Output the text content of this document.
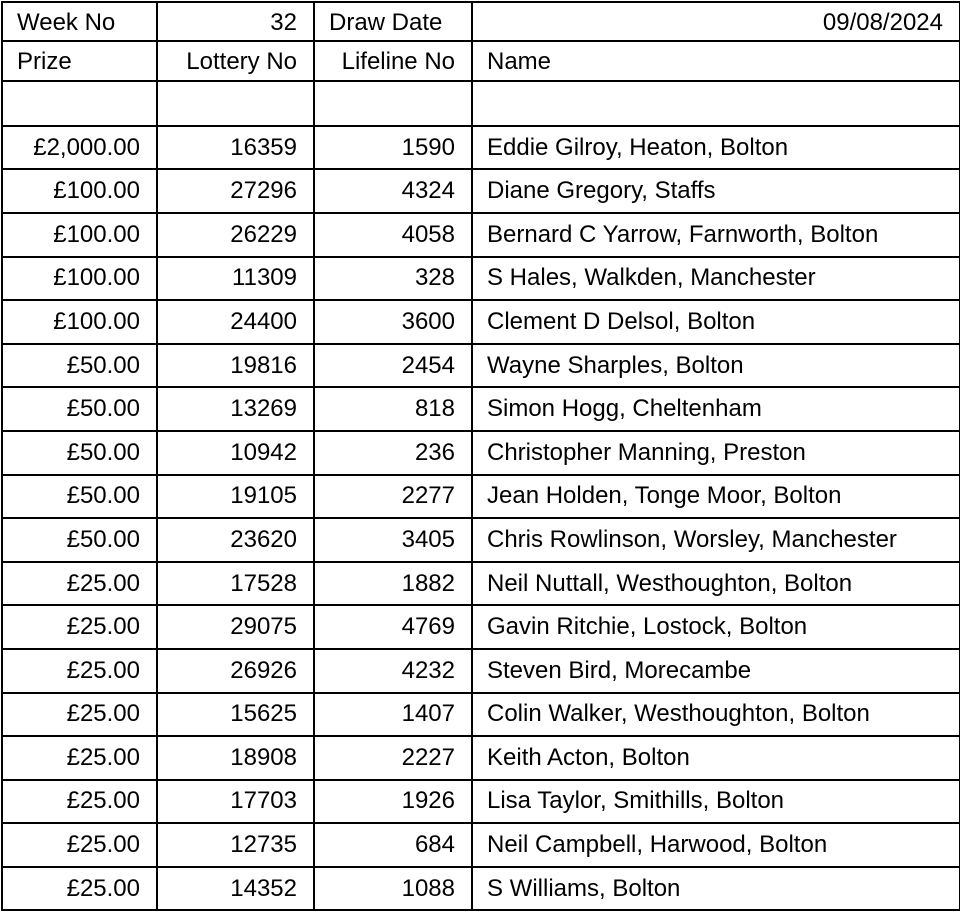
Week No	32	Draw Date	09/08/2024
Prize	Lottery No	Lifeline No	Name

£2,000.00	16359	1590	Eddie Gilroy, Heaton, Bolton
£100.00	27296	4324	Diane Gregory, Staffs
£100.00	26229	4058	Bernard C Yarrow, Farnworth, Bolton
£100.00	11309	328	S Hales, Walkden, Manchester
£100.00	24400	3600	Clement D Delsol, Bolton
£50.00	19816	2454	Wayne Sharples, Bolton
£50.00	13269	818	Simon Hogg, Cheltenham
£50.00	10942	236	Christopher Manning, Preston
£50.00	19105	2277	Jean Holden, Tonge Moor, Bolton
£50.00	23620	3405	Chris Rowlinson, Worsley, Manchester
£25.00	17528	1882	Neil Nuttall, Westhoughton, Bolton
£25.00	29075	4769	Gavin Ritchie, Lostock, Bolton
£25.00	26926	4232	Steven Bird, Morecambe
£25.00	15625	1407	Colin Walker, Westhoughton, Bolton
£25.00	18908	2227	Keith Acton, Bolton
£25.00	17703	1926	Lisa Taylor, Smithills, Bolton
£25.00	12735	684	Neil Campbell, Harwood, Bolton
£25.00	14352	1088	S Williams, Bolton
